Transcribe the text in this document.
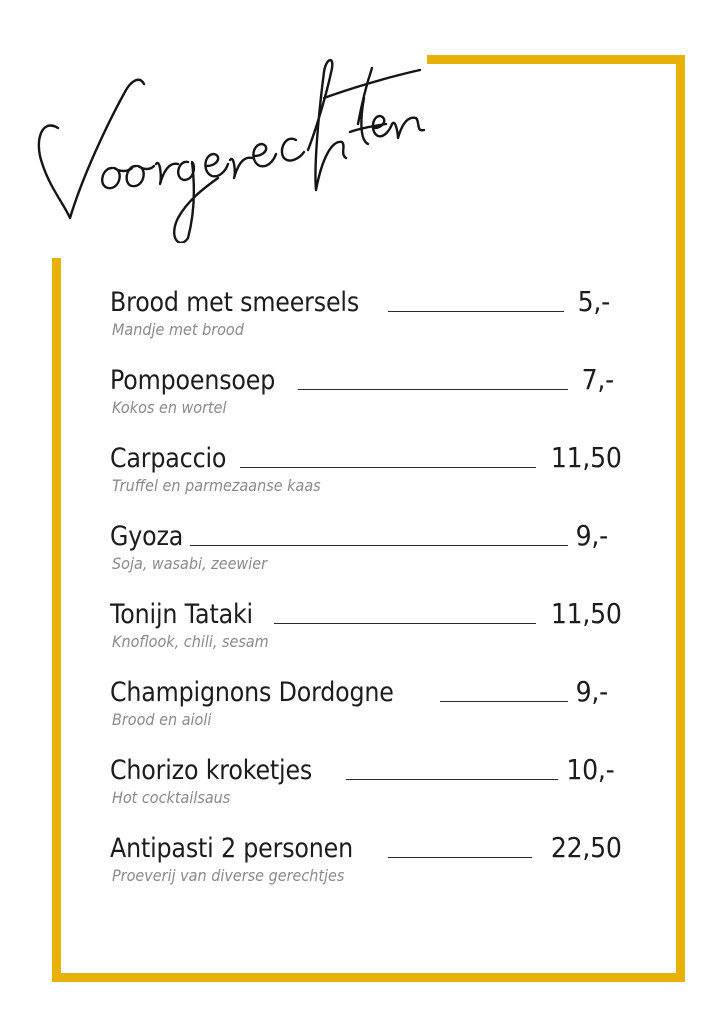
Brood met smeersels	5,-
Mandje met brood
Pompoensoep	7,-
Kokos en wortel
Carpaccio	11,50
Truffel en parmezaanse kaas
Gyoza	9,-
Soja, wasabi, zeewier
Tonijn Tataki	11,50
Knoflook, chili, sesam
Champignons Dordogne	9,-
Brood en aioli
Chorizo kroketjes	10,-
Hot cocktailsaus
Antipasti 2 personen	22,50
Proeverij van diverse gerechtjes
